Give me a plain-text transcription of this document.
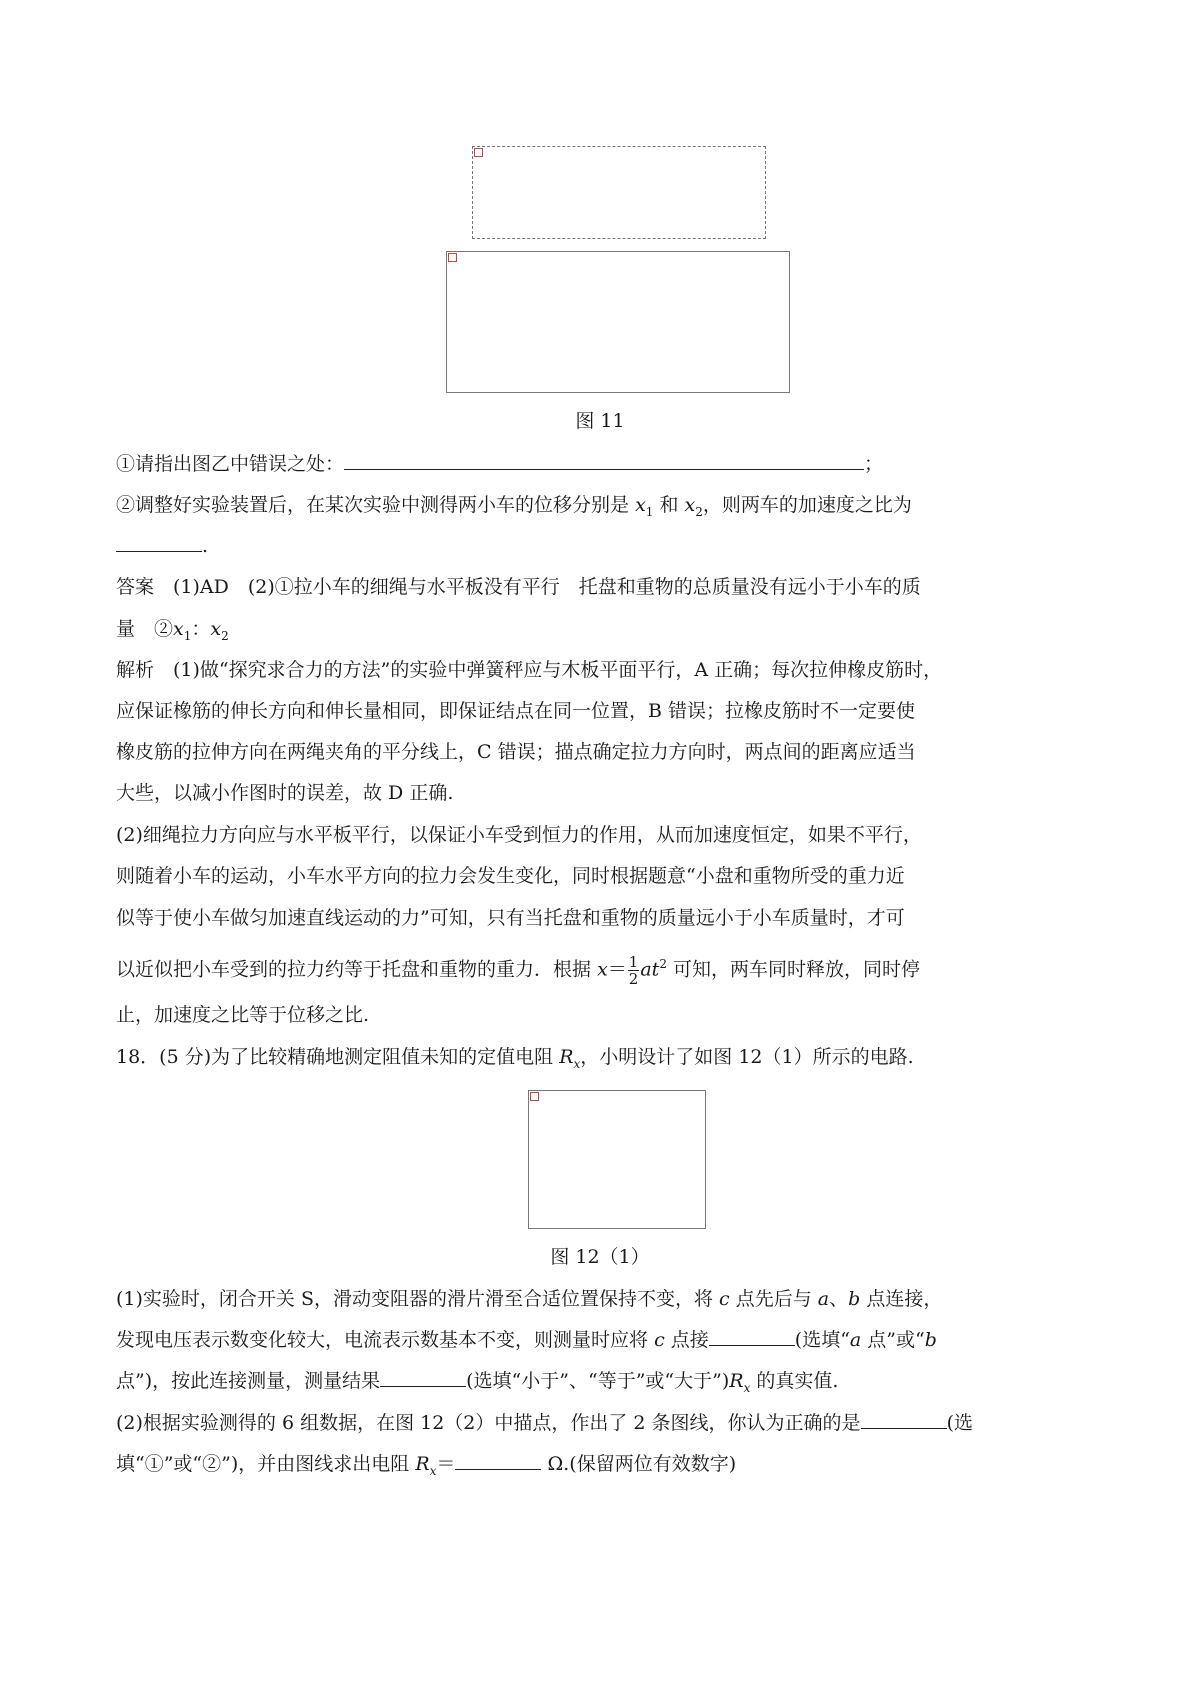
图 11
①请指出图乙中错误之处：	；
②调整好实验装置后，在某次实验中测得两小车的位移分别是 $x_1$ 和 $x_2$，则两车的加速度之比为
.
答案　(1)AD　(2)①拉小车的细绳与水平板没有平行　托盘和重物的总质量没有远小于小车的质
量　$②x_1$：$x_2$
解析　(1)做“探究求合力的方法”的实验中弹簧秤应与木板平面平行，A 正确；每次拉伸橡皮筋时，
应保证橡筋的伸长方向和伸长量相同，即保证结点在同一位置，B 错误；拉橡皮筋时不一定要使
橡皮筋的拉伸方向在两绳夹角的平分线上，C 错误；描点确定拉力方向时，两点间的距离应适当
大些，以减小作图时的误差，故 D 正确.
(2)细绳拉力方向应与水平板平行，以保证小车受到恒力的作用，从而加速度恒定，如果不平行，
则随着小车的运动，小车水平方向的拉力会发生变化，同时根据题意“小盘和重物所受的重力近
似等于使小车做匀加速直线运动的力”可知，只有当托盘和重物的质量远小于小车质量时，才可
以近似把小车受到的拉力约等于托盘和重物的重力．根据 $x= \frac{1}{2} at^2$ 可知，两车同时释放，同时停
止，加速度之比等于位移之比.
18．(5 分)为了比较精确地测定阻值未知的定值电阻 $R_x$，小明设计了如图 12（1）所示的电路.
图 12（1）
(1)实验时，闭合开关 S，滑动变阻器的滑片滑至合适位置保持不变，将 c 点先后与 a、b 点连接，
发现电压表示数变化较大，电流表示数基本不变，则测量时应将 c 点接	(选填“a 点”或“b
点”)，按此连接测量，测量结果	(选填“小于”、“等于”或“大于$”)R_x$ 的真实值.
(2)根据实验测得的 6 组数据，在图 12（2）中描点，作出了 2 条图线，你认为正确的是	(选
填“①”或“②”)，并由图线求出电阻 $R_x=$	Ω.(保留两位有效数字)
